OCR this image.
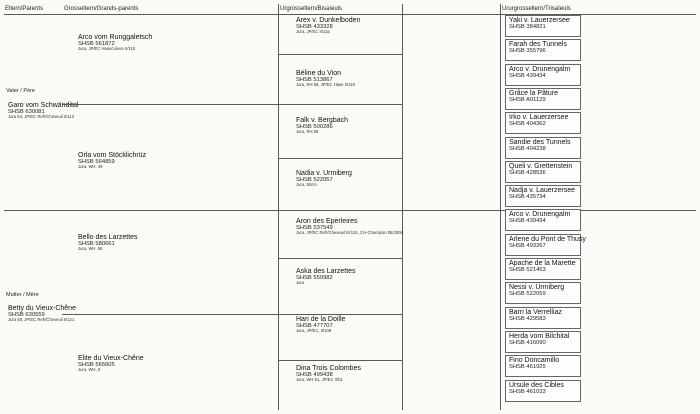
Eltern/Parents	Grosseltern/Grands-parents	Urgrosseltern/Bisaïeuls	Ururgrosseltern/Trisaïeuls
Vater / Père
Garo vom Schwändital
SHSB 630081
Jura 54, JP/EC Refr/Cheveuil II/113
Mutter / Mère
Betty du Vieux-Chêne
SHSB 630559
Jura 58, JP/EC Refr/Cheveuil II/121
Arco vom Runggaletsch
SHSB 561872
Jura, JP/EC Hase/Lièvre II/110
Orla vom Stöcklichrüz
SHSB 564859
Jura, WH, 49
Bello des Larzettes
SHSB 580661
Jura, WH, 56
Elite du Vieux-Chêne
SHSB 565605
Jura, WH, 6
Arex v. Dunkelboden
SHSB 433328
Jura, JP/EC II/115
Béline du Vion
SHSB 513867
Jura, RH 58, JP/EC Hase II/118
Falk v. Bergbach
SHSB 500286
Jura, RH 58
Nadia v. Urmiberg
SHSB 522057
Jura, 50cm
Aron des Eperleires
SHSB 537549
Jura, JP/EC Refr/Cheveuil III/134, CH-Champion 05/2008
Aska des Larzettes
SHSB 550982
Jura
Hari de la Doille
SHSB 477707
Jura, JP/EC, II/108
Dina Trois Colombes
SHSB 499438
Jura, WH 51, JP/EC II/01
Yaki v. Lauerzersee
SHSB 384821
Farah des Tunnels
SHSB 355796
Arco v. Drunengalm
SHSB 439434
Grâce la Pâture
SHSB A01129
Irko v. Lauerzersee
SHSB 404362
Sandie des Tunnels
SHSB 404238
Queli v. Grettenstein
SHSB 428536
Nadja v. Lauerzersee
SHSB 435734
Arco v. Drunengalm
SHSB 439434
Arlene du Pont de Thusy
SHSB 493267
Apache de la Marette
SHSB 521453
Nessi v. Urmiberg
SHSB 522059
Barri la Verrelliaz
SHSB 429583
Herda vom Bilchital
SHSB 416090
Fino Doncamillo
SHSB 461925
Ursule des Cibles
SHSB 461033
